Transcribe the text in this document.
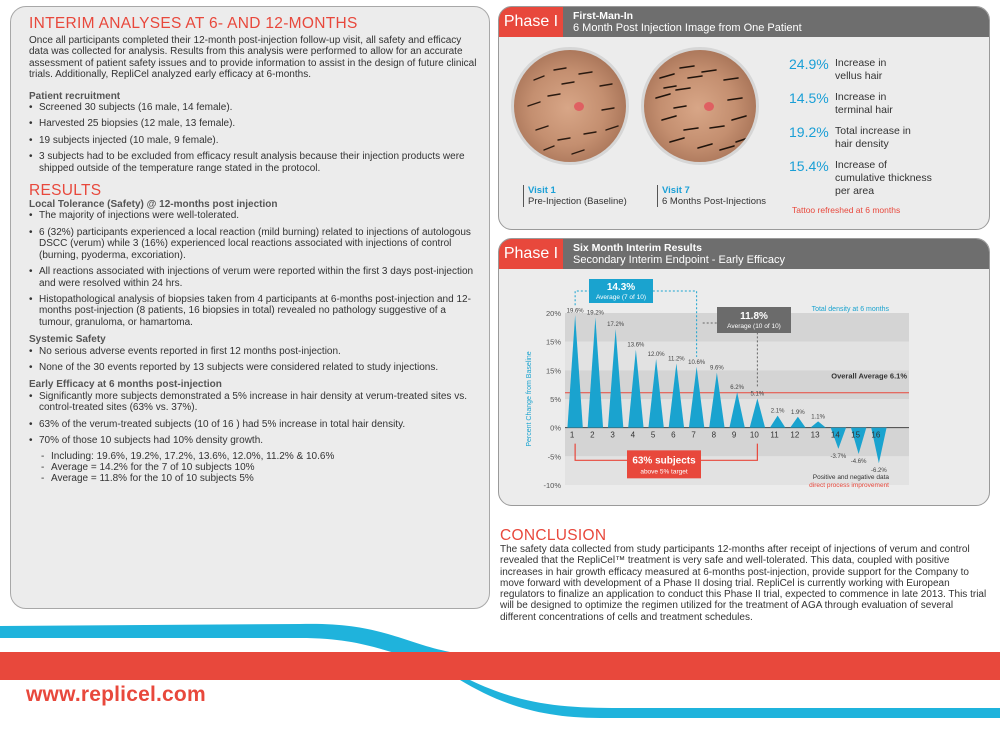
INTERIM ANALYSES AT 6- AND 12-MONTHS

Once all participants completed their 12-month post-injection follow-up visit, all safety and efficacy data was collected for analysis. Results from this analysis were performed to allow for an accurate assessment of patient safety issues and to provide information to assist in the design of future clinical trials. Additionally, RepliCel analyzed early efficacy at 6-months.

Patient recruitment
• Screened 30 subjects (16 male, 14 female).
• Harvested 25 biopsies (12 male, 13 female).
• 19 subjects injected (10 male, 9 female).
• 3 subjects had to be excluded from efficacy result analysis because their injection products were shipped outside of the temperature range stated in the protocol.
RESULTS
Local Tolerance (Safety) @ 12-months post injection
• The majority of injections were well-tolerated.
• 6 (32%) participants experienced a local reaction (mild burning) related to injections of autologous DSCC (verum) while 3 (16%) experienced local reactions associated with injections of control (burning, pyoderma, excoriation).
• All reactions associated with injections of verum were reported within the first 3 days post-injection and were resolved within 24 hrs.
• Histopathological analysis of biopsies taken from 4 participants at 6-months post-injection and 12-months post-injection (8 patients, 16 biopsies in total) revealed no pathology suggestive of a tumour, granuloma, or hamartoma.
Systemic Safety
• No serious adverse events reported in first 12 months post-injection.
• None of the 30 events reported by 13 subjects were considered related to study injections.
Early Efficacy at 6 months post-injection
• Significantly more subjects demonstrated a 5% increase in hair density at verum-treated sites vs. control-treated sites (63% vs. 37%).
• 63% of the verum-treated subjects (10 of 16 ) had 5% increase in total hair density.
• 70% of those 10 subjects had 10% density growth.
- Including: 19.6%, 19.2%, 17.2%, 13.6%, 12.0%, 11.2% & 10.6%
- Average = 14.2% for the 7 of 10 subjects 10%
- Average = 11.8% for the 10 of 10 subjects 5%
Phase I	First-Man-In
6 Month Post Injection Image from One Patient
Visit 1
Pre-Injection (Baseline)
Visit 7
6 Months Post-Injections
24.9% Increase in
vellus hair
14.5% Increase in
terminal hair
19.2% Total increase in
hair density
15.4% Increase of
cumulative thickness
per area
Tattoo refreshed at 6 months
Phase I	Six Month Interim Results
Secondary Interim Endpoint - Early Efficacy
20%
15%
15%
5%
0%
-5%
-10%
Percent Change from Baseline	Overall Average 6.1%
19.6%
1
19.2%
2
17.2%
3
13.6%
4
12.0%
5
11.2%
6
10.6%
7
9.6%
8
6.2%
9
5.1%
10
2.1%
11
1.9%
12
1.1%
13
-3.7%
14
-4.6%
15
-6.2%
16
14.3%
Average (7 of 10)
11.8%
Average (10 of 10)
Total density at 6 months
63% subjects
above 5% target
Positive and negative data
direct process improvement
CONCLUSION

The safety data collected from study participants 12-months after receipt of injections of verum and control revealed that the RepliCel™ treatment is very safe and well-tolerated. This data, coupled with positive increases in hair growth efficacy measured at 6-months post-injection, provide support for the Company to move forward with development of a Phase II dosing trial. RepliCel is currently working with European regulators to finalize an application to conduct this Phase II trial, expected to commence in late 2013. This trial will be designed to optimize the regimen utilized for the treatment of AGA through evaluation of several different concentrations of cells and treatment schedules.

www.replicel.com
